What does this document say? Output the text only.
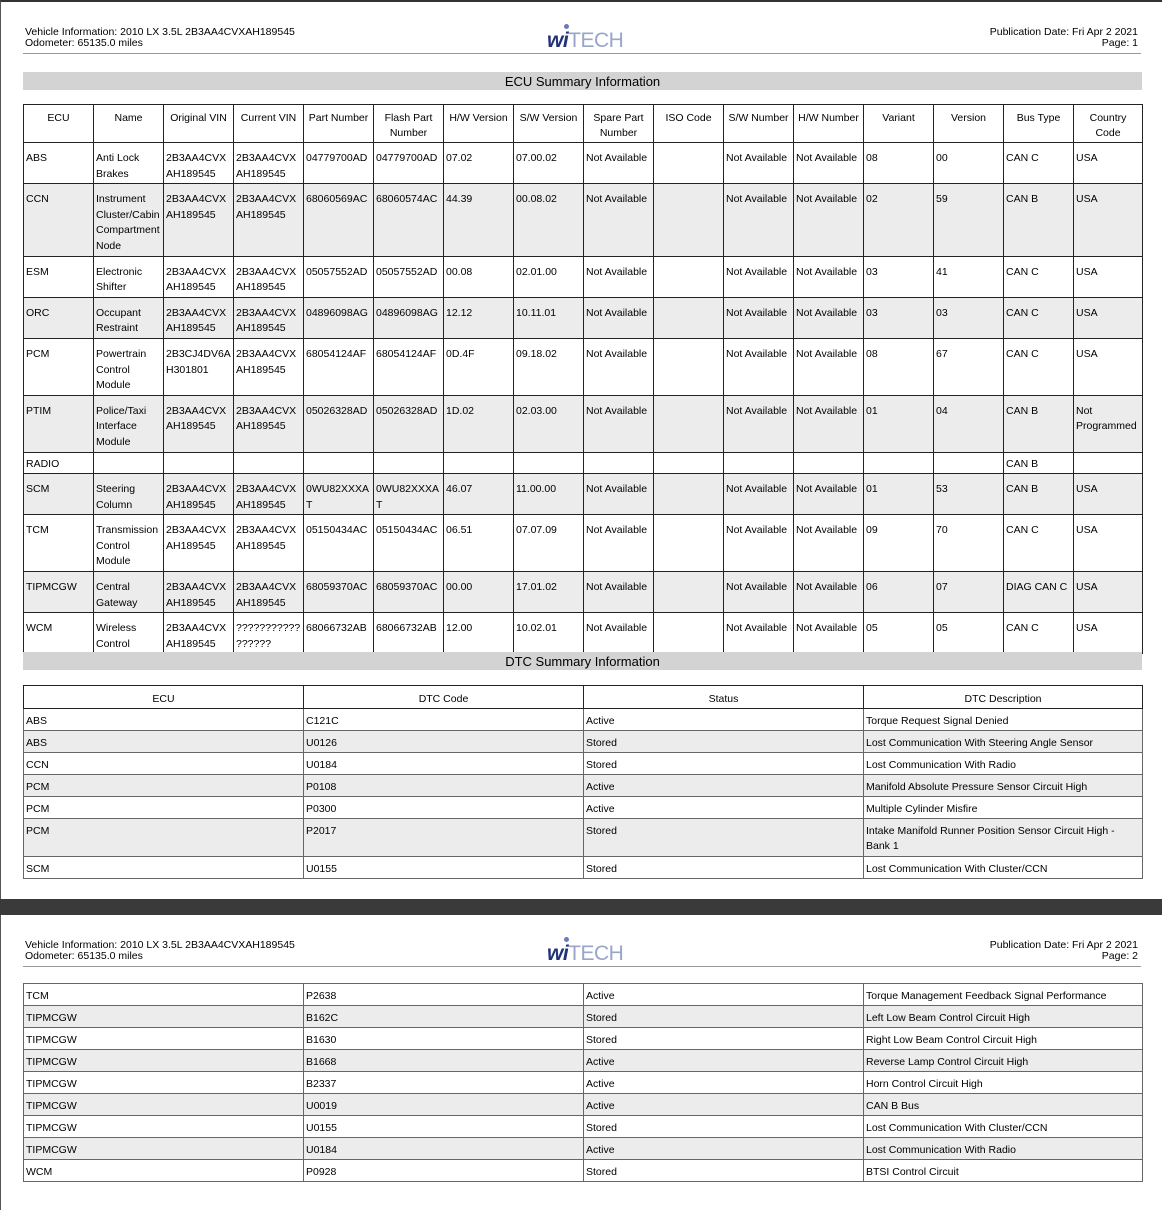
Vehicle Information: 2010 LX 3.5L 2B3AA4CVXAH189545
Odometer: 65135.0 miles
Publication Date: Fri Apr 2 2021
Page: 1
wiTECH
ECU Summary Information
ECU	Name	Original VIN	Current VIN	Part Number	Flash Part Number	H/W Version	S/W Version	Spare Part Number	ISO Code	S/W Number	H/W Number	Variant	Version	Bus Type	Country Code
ABS	Anti Lock Brakes	2B3AA4CVX AH189545	2B3AA4CVX AH189545	04779700AD	04779700AD	07.02	07.00.02	Not Available		Not Available	Not Available	08	00	CAN C	USA
CCN	Instrument Cluster/Cabin Compartment Node	2B3AA4CVX AH189545	2B3AA4CVX AH189545	68060569AC	68060574AC	44.39	00.08.02	Not Available		Not Available	Not Available	02	59	CAN B	USA
ESM	Electronic Shifter	2B3AA4CVX AH189545	2B3AA4CVX AH189545	05057552AD	05057552AD	00.08	02.01.00	Not Available		Not Available	Not Available	03	41	CAN C	USA
ORC	Occupant Restraint	2B3AA4CVX AH189545	2B3AA4CVX AH189545	04896098AG	04896098AG	12.12	10.11.01	Not Available		Not Available	Not Available	03	03	CAN C	USA
PCM	Powertrain Control Module	2B3CJ4DV6A H301801	2B3AA4CVX AH189545	68054124AF	68054124AF	0D.4F	09.18.02	Not Available		Not Available	Not Available	08	67	CAN C	USA
PTIM	Police/Taxi Interface Module	2B3AA4CVX AH189545	2B3AA4CVX AH189545	05026328AD	05026328AD	1D.02	02.03.00	Not Available		Not Available	Not Available	01	04	CAN B	Not Programmed
RADIO														CAN B	
SCM	Steering Column	2B3AA4CVX AH189545	2B3AA4CVX AH189545	0WU82XXXA T	0WU82XXXA T	46.07	11.00.00	Not Available		Not Available	Not Available	01	53	CAN B	USA
TCM	Transmission Control Module	2B3AA4CVX AH189545	2B3AA4CVX AH189545	05150434AC	05150434AC	06.51	07.07.09	Not Available		Not Available	Not Available	09	70	CAN C	USA
TIPMCGW	Central Gateway	2B3AA4CVX AH189545	2B3AA4CVX AH189545	68059370AC	68059370AC	00.00	17.01.02	Not Available		Not Available	Not Available	06	07	DIAG CAN C	USA
WCM	Wireless Control	2B3AA4CVX AH189545	??????????? ??????	68066732AB	68066732AB	12.00	10.02.01	Not Available		Not Available	Not Available	05	05	CAN C	USA
DTC Summary Information
ECU	DTC Code	Status	DTC Description
ABS	C121C	Active	Torque Request Signal Denied
ABS	U0126	Stored	Lost Communication With Steering Angle Sensor
CCN	U0184	Stored	Lost Communication With Radio
PCM	P0108	Active	Manifold Absolute Pressure Sensor Circuit High
PCM	P0300	Active	Multiple Cylinder Misfire
PCM	P2017	Stored	Intake Manifold Runner Position Sensor Circuit High - Bank 1
SCM	U0155	Stored	Lost Communication With Cluster/CCN
Vehicle Information: 2010 LX 3.5L 2B3AA4CVXAH189545
Odometer: 65135.0 miles
Publication Date: Fri Apr 2 2021
Page: 2
wiTECH
TCM	P2638	Active	Torque Management Feedback Signal Performance
TIPMCGW	B162C	Stored	Left Low Beam Control Circuit High
TIPMCGW	B1630	Stored	Right Low Beam Control Circuit High
TIPMCGW	B1668	Active	Reverse Lamp Control Circuit High
TIPMCGW	B2337	Active	Horn Control Circuit High
TIPMCGW	U0019	Active	CAN B Bus
TIPMCGW	U0155	Stored	Lost Communication With Cluster/CCN
TIPMCGW	U0184	Active	Lost Communication With Radio
WCM	P0928	Stored	BTSI Control Circuit
